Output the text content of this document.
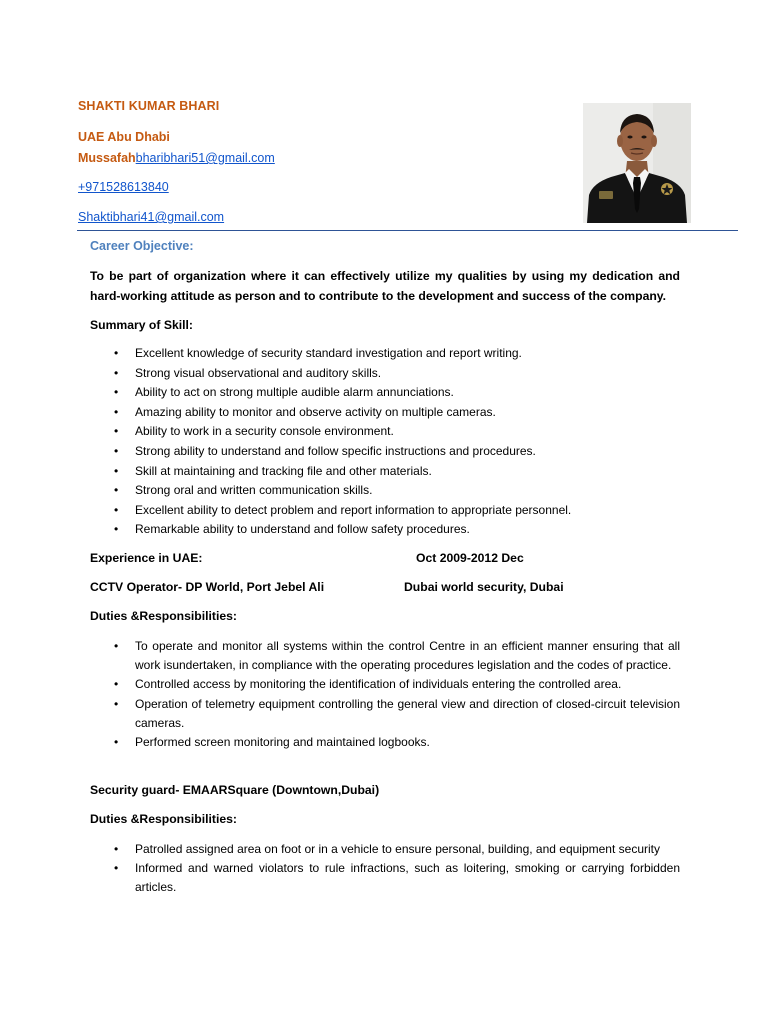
SHAKTI KUMAR BHARI
UAE Abu Dhabi
Mussafahbharibhari51@gmail.com
+971528613840
Shaktibhari41@gmail.com
Career Objective:
To be part of organization where it can effectively utilize my qualities by using my dedication and hard-working attitude as person and to contribute to the development and success of the company.
Summary of Skill:
• Excellent knowledge of security standard investigation and report writing.
• Strong visual observational and auditory skills.
• Ability to act on strong multiple audible alarm annunciations.
• Amazing ability to monitor and observe activity on multiple cameras.
• Ability to work in a security console environment.
• Strong ability to understand and follow specific instructions and procedures.
• Skill at maintaining and tracking file and other materials.
• Strong oral and written communication skills.
• Excellent ability to detect problem and report information to appropriate personnel.
• Remarkable ability to understand and follow safety procedures.
Experience in UAE:	Oct 2009-2012 Dec
CCTV Operator- DP World, Port Jebel Ali	Dubai world security, Dubai
Duties &Responsibilities:
• To operate and monitor all systems within the control Centre in an efficient manner ensuring that all work isundertaken, in compliance with the operating procedures legislation and the codes of practice.
• Controlled access by monitoring the identification of individuals entering the controlled area.
• Operation of telemetry equipment controlling the general view and direction of closed-circuit television cameras.
• Performed screen monitoring and maintained logbooks.
Security guard- EMAARSquare (Downtown,Dubai)
Duties &Responsibilities:
• Patrolled assigned area on foot or in a vehicle to ensure personal, building, and equipment security
• Informed and warned violators to rule infractions, such as loitering, smoking or carrying forbidden articles.
